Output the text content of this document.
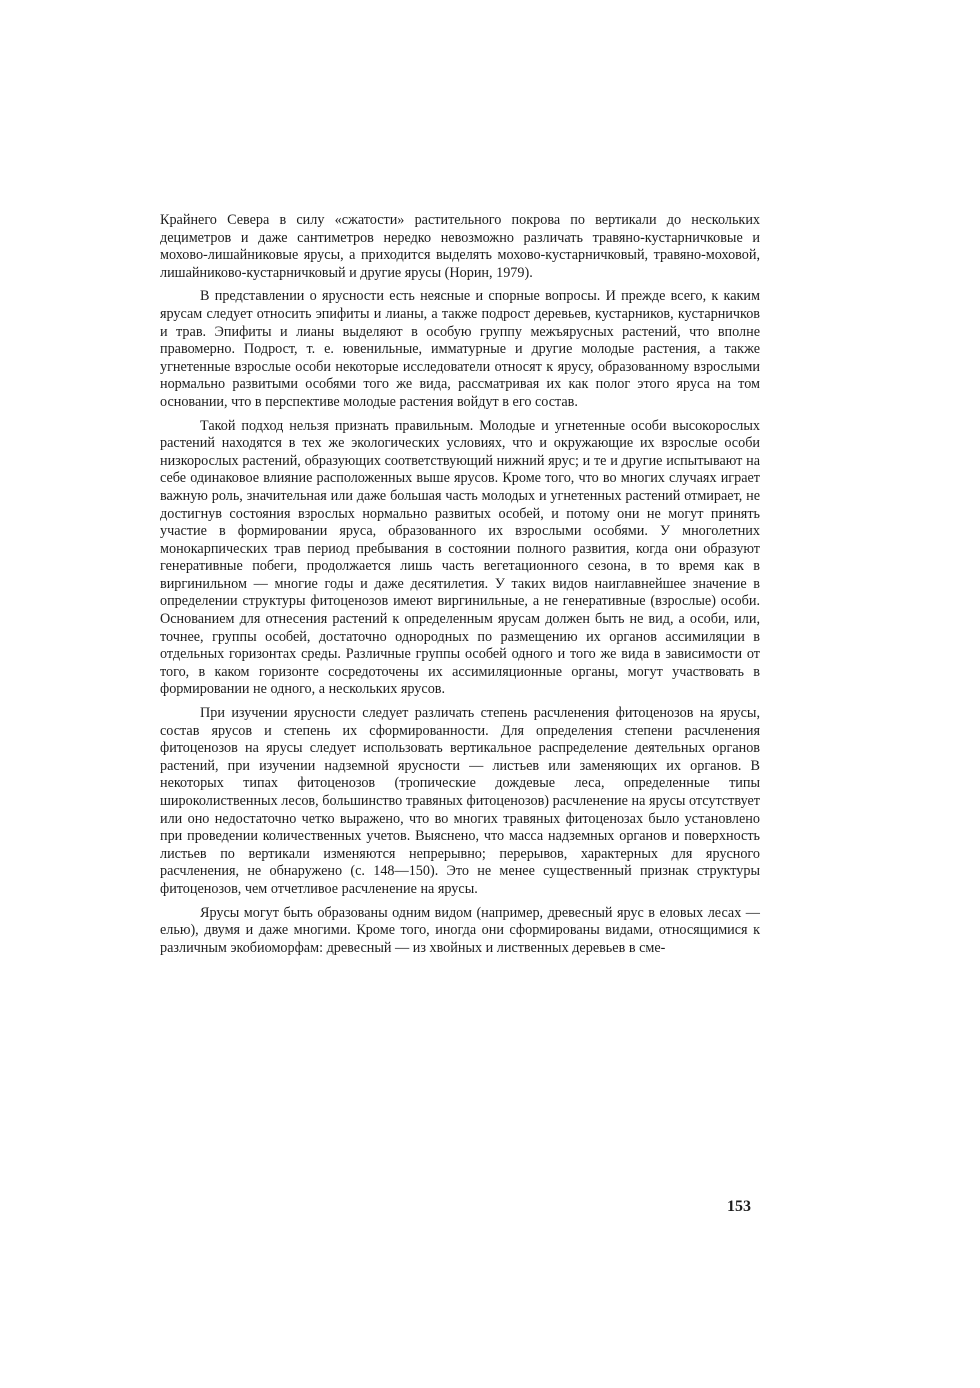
Крайнего Севера в силу «сжатости» растительного покрова по вертикали до нескольких дециметров и даже сантиметров нередко невозможно различать травяно-кустарничковые и мохово-лишайниковые ярусы, а приходится выделять мохово-кустарничковый, травяно-моховой, лишайниково-кустарничковый и другие ярусы (Норин, 1979).

В представлении о ярусности есть неясные и спорные вопросы. И прежде всего, к каким ярусам следует относить эпифиты и лианы, а также подрост деревьев, кустарников, кустарничков и трав. Эпифиты и лианы выделяют в особую группу межъярусных растений, что вполне правомерно. Подрост, т. е. ювенильные, имматурные и другие молодые растения, а также угнетенные взрослые особи некоторые исследователи относят к ярусу, образованному взрослыми нормально развитыми особями того же вида, рассматривая их как полог этого яруса на том основании, что в перспективе молодые растения войдут в его состав.

Такой подход нельзя признать правильным. Молодые и угнетенные особи высокорослых растений находятся в тех же экологических условиях, что и окружающие их взрослые особи низкорослых растений, образующих соответствующий нижний ярус; и те и другие испытывают на себе одинаковое влияние расположенных выше ярусов. Кроме того, что во многих случаях играет важную роль, значительная или даже большая часть молодых и угнетенных растений отмирает, не достигнув состояния взрослых нормально развитых особей, и потому они не могут принять участие в формировании яруса, образованного их взрослыми особями. У многолетних монокарпических трав период пребывания в состоянии полного развития, когда они образуют генеративные побеги, продолжается лишь часть вегетационного сезона, в то время как в виргинильном — многие годы и даже десятилетия. У таких видов наиглавнейшее значение в определении структуры фитоценозов имеют виргинильные, а не генеративные (взрослые) особи. Основанием для отнесения растений к определенным ярусам должен быть не вид, а особи, или, точнее, группы особей, достаточно однородных по размещению их органов ассимиляции в отдельных горизонтах среды. Различные группы особей одного и того же вида в зависимости от того, в каком горизонте сосредоточены их ассимиляционные органы, могут участвовать в формировании не одного, а нескольких ярусов.

При изучении ярусности следует различать степень расчленения фитоценозов на ярусы, состав ярусов и степень их сформированности. Для определения степени расчленения фитоценозов на ярусы следует использовать вертикальное распределение деятельных органов растений, при изучении надземной ярусности — листьев или заменяющих их органов. В некоторых типах фитоценозов (тропические дождевые леса, определенные типы широколиственных лесов, большинство травяных фитоценозов) расчленение на ярусы отсутствует или оно недостаточно четко выражено, что во многих травяных фитоценозах было установлено при проведении количественных учетов. Выяснено, что масса надземных органов и поверхность листьев по вертикали изменяются непрерывно; перерывов, характерных для ярусного расчленения, не обнаружено (с. 148—150). Это не менее существенный признак структуры фитоценозов, чем отчетливое расчленение на ярусы.

Ярусы могут быть образованы одним видом (например, древесный ярус в еловых лесах — елью), двумя и даже многими. Кроме того, иногда они сформированы видами, относящимися к различным экобиоморфам: древесный — из хвойных и лиственных деревьев в сме-

153
